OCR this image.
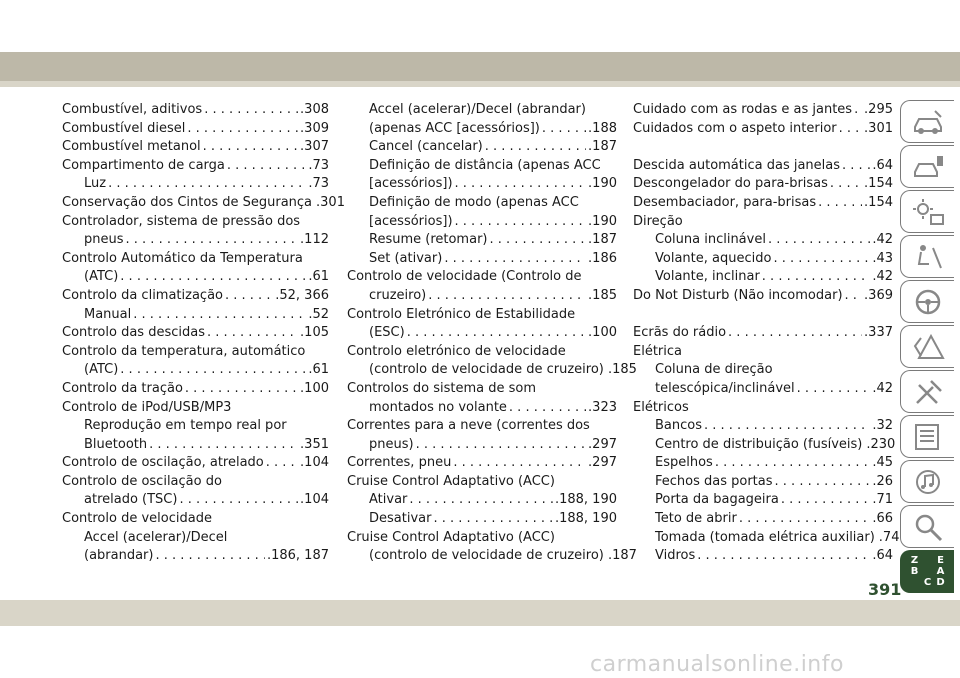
Combustível, aditivos . . .	.308
Combustível diesel . . .	.309
Combustível metanol . . .	.307
Compartimento de carga . . .	.73
Luz . . .	.73
Conservação dos Cintos de Segurança .301
Controlador, sistema de pressão dos
pneus . . .	.112
Controlo Automático da Temperatura
(ATC) . . .	.61
Controlo da climatização . . .	.52, 366
Manual . . .	.52
Controlo das descidas . . .	.105
Controlo da temperatura, automático
(ATC) . . .	.61
Controlo da tração . . .	.100
Controlo de iPod/USB/MP3
Reprodução em tempo real por
Bluetooth . . .	.351
Controlo de oscilação, atrelado . . .	.104
Controlo de oscilação do
atrelado (TSC) . . .	.104
Controlo de velocidade
Accel (acelerar)/Decel
(abrandar) . . .	.186, 187
Accel (acelerar)/Decel (abrandar)
(apenas ACC [acessórios]) . . .	.188
Cancel (cancelar) . . .	.187
Definição de distância (apenas ACC
[acessórios]) . . .	.190
Definição de modo (apenas ACC
[acessórios]) . . .	.190
Resume (retomar) . . .	.187
Set (ativar) . . .	.186
Controlo de velocidade (Controlo de
cruzeiro) . . .	.185
Controlo Eletrónico de Estabilidade
(ESC) . . .	.100
Controlo eletrónico de velocidade
(controlo de velocidade de cruzeiro) .185
Controlos do sistema de som
montados no volante . . .	.323
Correntes para a neve (correntes dos
pneus) . . .	.297
Correntes, pneu . . .	.297
Cruise Control Adaptativo (ACC)
Ativar . . .	.188, 190
Desativar . . .	.188, 190
Cruise Control Adaptativo (ACC)
(controlo de velocidade de cruzeiro) .187
Cuidado com as rodas e as jantes . . . .295
Cuidados com o aspeto interior . . . .301
Descida automática das janelas . . . .64
Descongelador do para-brisas . . .	.154
Desembaciador, para-brisas . . .	.154
Direção
Coluna inclinável . . .	.42
Volante, aquecido . . .	.43
Volante, inclinar . . .	.42
Do Not Disturb (Não incomodar) . . . .369
Ecrãs do rádio . . .	.337
Elétrica
Coluna de direção
telescópica/inclinável . . .	.42
Elétricos
Bancos . . .	.32
Centro de distribuição (fusíveis) .230
Espelhos . . .	.45
Fechos das portas . . .	.26
Porta da bagageira . . .	.71
Teto de abrir . . .	.66
Tomada (tomada elétrica auxiliar) .74
Vidros . . .	.64 Z E
B A
C D
391
carmanualsonline.info
